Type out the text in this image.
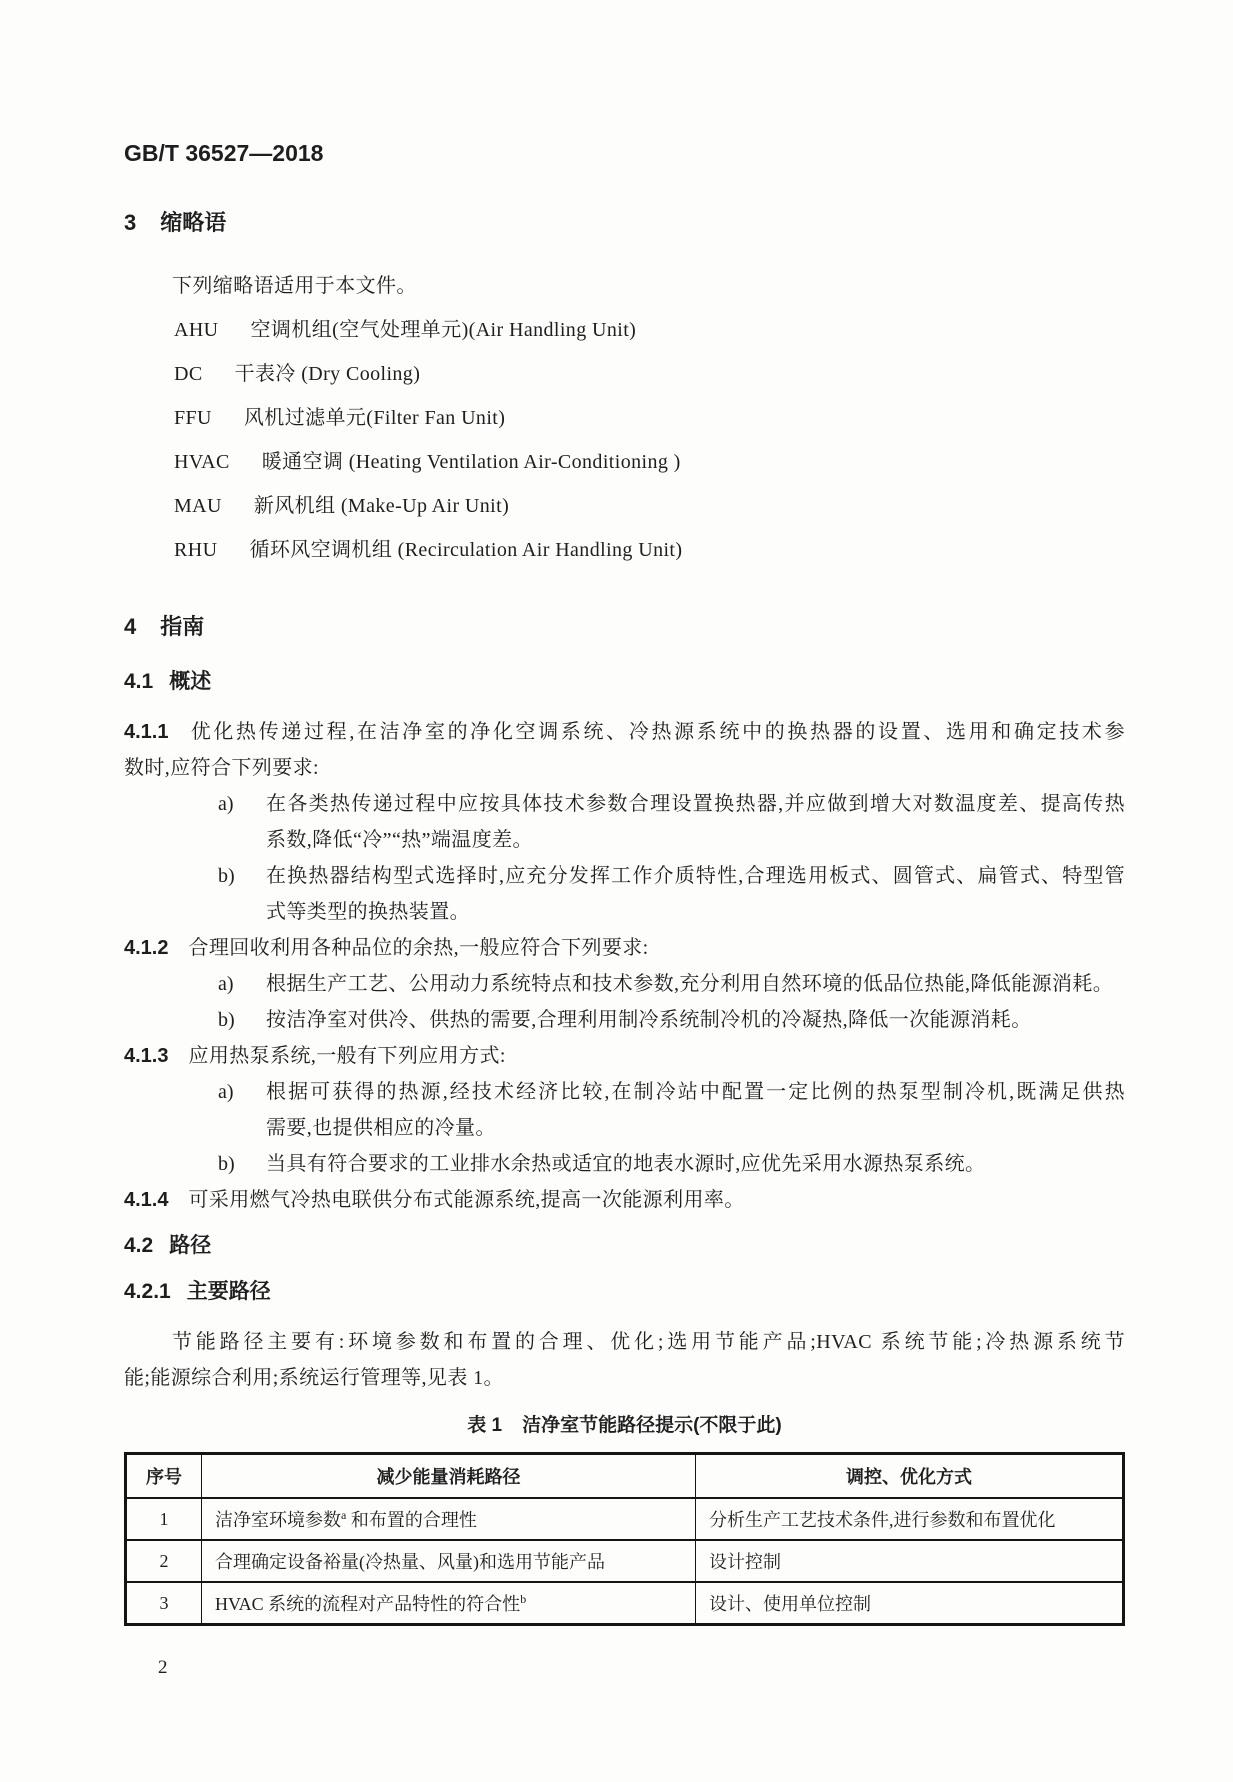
GB/T 36527—2018
3 缩略语
下列缩略语适用于本文件。
AHU 空调机组(空气处理单元)(Air Handling Unit)
DC 干表冷 (Dry Cooling)
FFU 风机过滤单元(Filter Fan Unit)
HVAC 暖通空调 (Heating Ventilation Air-Conditioning )
MAU 新风机组 (Make-Up Air Unit)
RHU 循环风空调机组 (Recirculation Air Handling Unit)
4 指南
4.1 概述
4.1.1 优化热传递过程,在洁净室的净化空调系统、冷热源系统中的换热器的设置、选用和确定技术参
数时,应符合下列要求:
a) 在各类热传递过程中应按具体技术参数合理设置换热器,并应做到增大对数温度差、提高传热
系数,降低“冷”“热”端温度差。
b) 在换热器结构型式选择时,应充分发挥工作介质特性,合理选用板式、圆管式、扁管式、特型管
式等类型的换热装置。
4.1.2 合理回收利用各种品位的余热,一般应符合下列要求:
a) 根据生产工艺、公用动力系统特点和技术参数,充分利用自然环境的低品位热能,降低能源消耗。
b) 按洁净室对供冷、供热的需要,合理利用制冷系统制冷机的冷凝热,降低一次能源消耗。
4.1.3 应用热泵系统,一般有下列应用方式:
a) 根据可获得的热源,经技术经济比较,在制冷站中配置一定比例的热泵型制冷机,既满足供热
需要,也提供相应的冷量。
b) 当具有符合要求的工业排水余热或适宜的地表水源时,应优先采用水源热泵系统。
4.1.4 可采用燃气冷热电联供分布式能源系统,提高一次能源利用率。
4.2 路径
4.2.1 主要路径
节能路径主要有:环境参数和布置的合理、优化;选用节能产品;HVAC 系统节能;冷热源系统节
能;能源综合利用;系统运行管理等,见表 1。
表 1 洁净室节能路径提示(不限于此)
序号	减少能量消耗路径	调控、优化方式
1	洁净室环境参数$^a$ 和布置的合理性	分析生产工艺技术条件,进行参数和布置优化
2	合理确定设备裕量(冷热量、风量)和选用节能产品	设计控制
3	HVAC 系统的流程对产品特性的符合性$^b$	设计、使用单位控制
2
